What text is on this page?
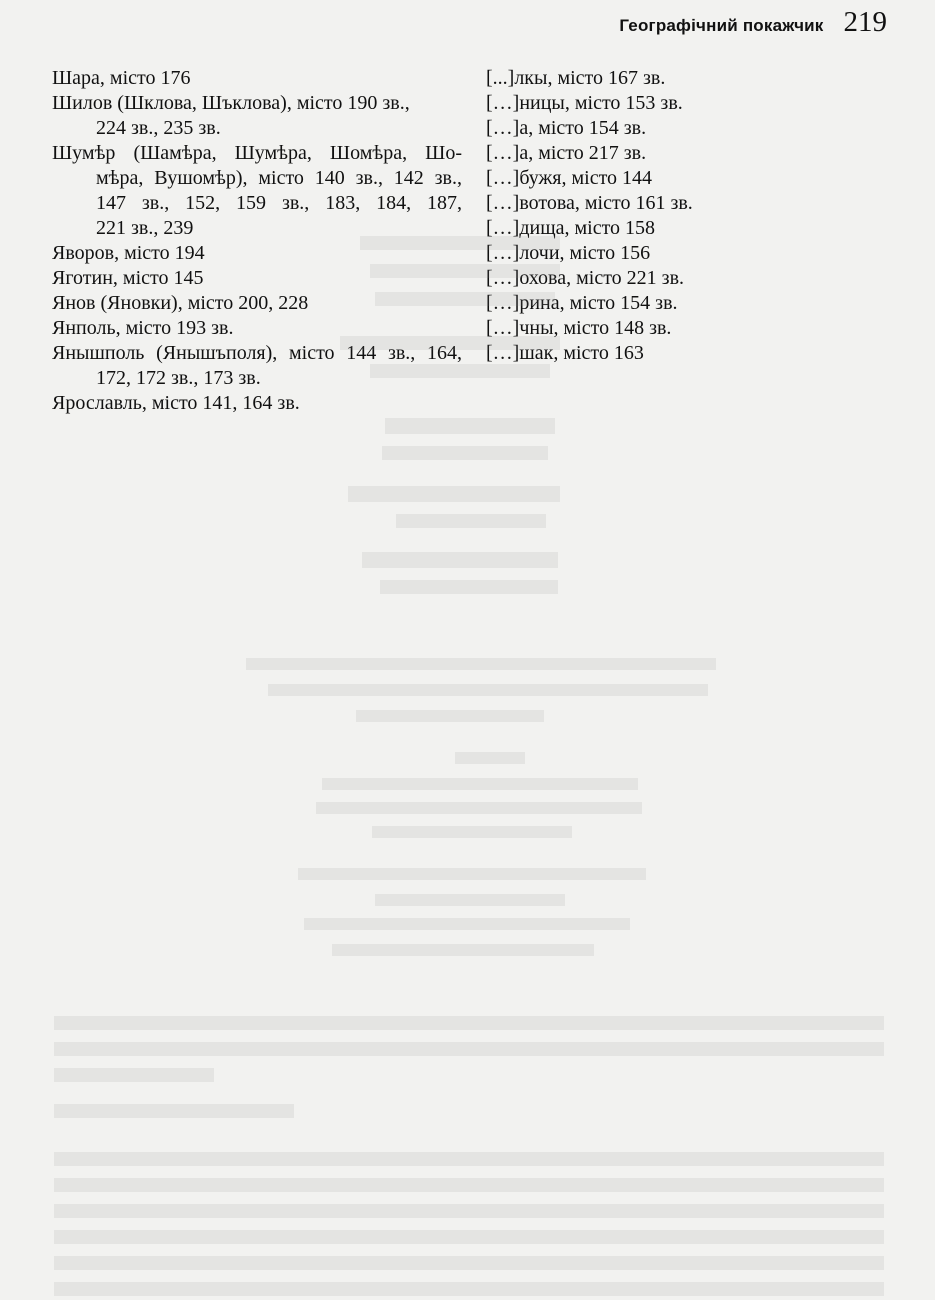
Географічний покажчик 219
Шара, місто 176
Шилов (Шклова, Шъклова), місто 190 зв.,
224 зв., 235 зв.
Шумѣр (Шамѣра, Шумѣра, Шомѣра, Шо-
мѣра, Вушомѣр), місто 140 зв., 142 зв.,
147 зв., 152, 159 зв., 183, 184, 187,
221 зв., 239
Яворов, місто 194
Яготин, місто 145
Янов (Яновки), місто 200, 228
Янполь, місто 193 зв.
Янышполь (Янышъполя), місто 144 зв., 164,
172, 172 зв., 173 зв.
Ярославль, місто 141, 164 зв.
[...]лкы, місто 167 зв.
[…]ницы, місто 153 зв.
[…]а, місто 154 зв.
[…]а, місто 217 зв.
[…]бужя, місто 144
[…]вотова, місто 161 зв.
[…]дища, місто 158
[…]лочи, місто 156
[…]охова, місто 221 зв.
[…]рина, місто 154 зв.
[…]чны, місто 148 зв.
[…]шак, місто 163
